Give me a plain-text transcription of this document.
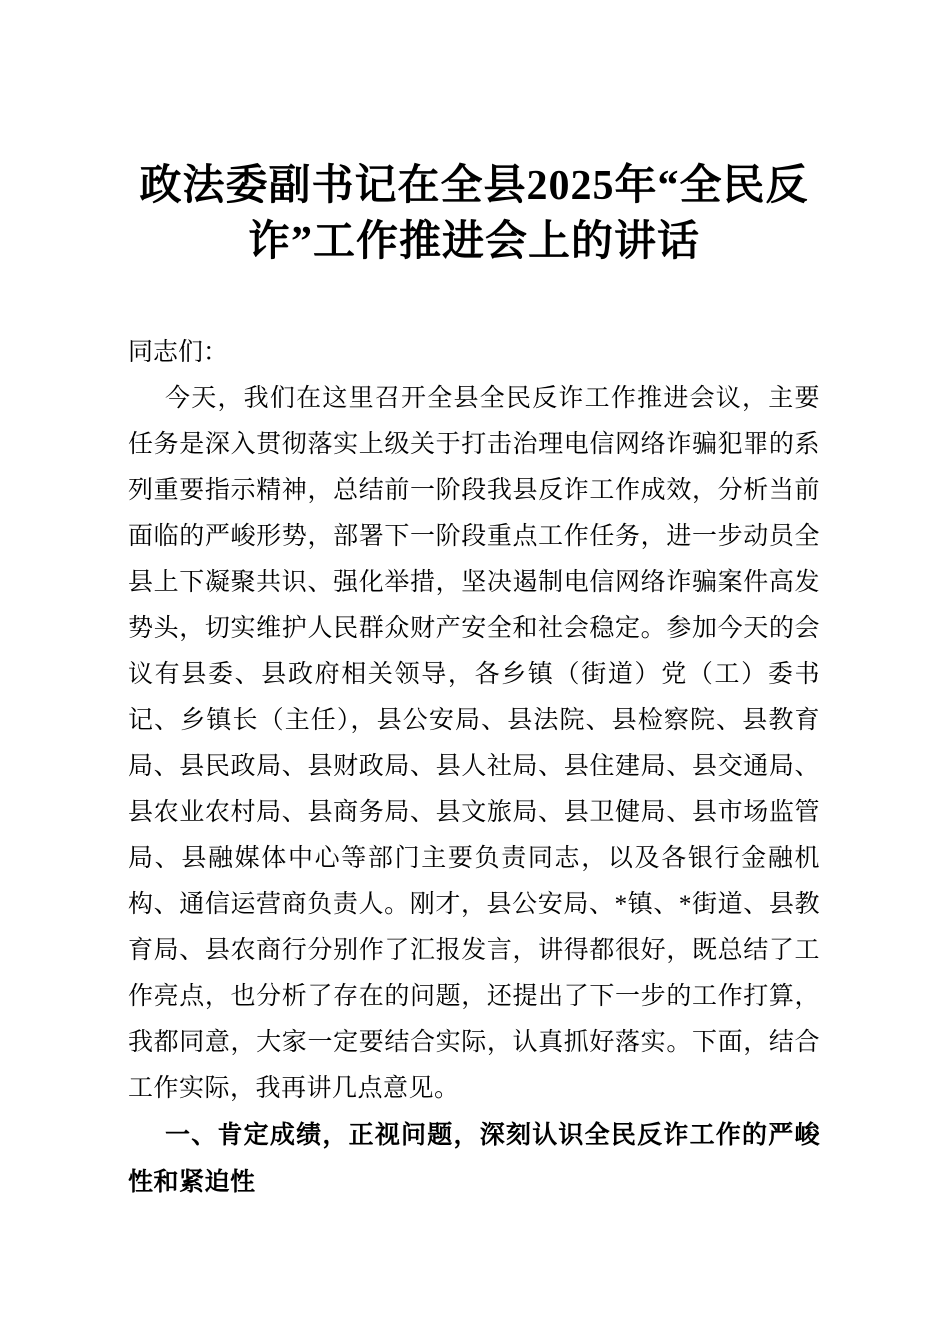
政法委副书记在全县2025年“全民反诈”工作推进会上的讲话

同志们：

今天，我们在这里召开全县全民反诈工作推进会议，主要任务是深入贯彻落实上级关于打击治理电信网络诈骗犯罪的系列重要指示精神，总结前一阶段我县反诈工作成效，分析当前面临的严峻形势，部署下一阶段重点工作任务，进一步动员全县上下凝聚共识、强化举措，坚决遏制电信网络诈骗案件高发势头，切实维护人民群众财产安全和社会稳定。参加今天的会议有县委、县政府相关领导，各乡镇（街道）党（工）委书记、乡镇长（主任），县公安局、县法院、县检察院、县教育局、县民政局、县财政局、县人社局、县住建局、县交通局、县农业农村局、县商务局、县文旅局、县卫健局、县市场监管局、县融媒体中心等部门主要负责同志，以及各银行金融机构、通信运营商负责人。刚才，县公安局、*镇、*街道、县教育局、县农商行分别作了汇报发言，讲得都很好，既总结了工作亮点，也分析了存在的问题，还提出了下一步的工作打算，我都同意，大家一定要结合实际，认真抓好落实。下面，结合工作实际，我再讲几点意见。

一、肯定成绩，正视问题，深刻认识全民反诈工作的严峻性和紧迫性
